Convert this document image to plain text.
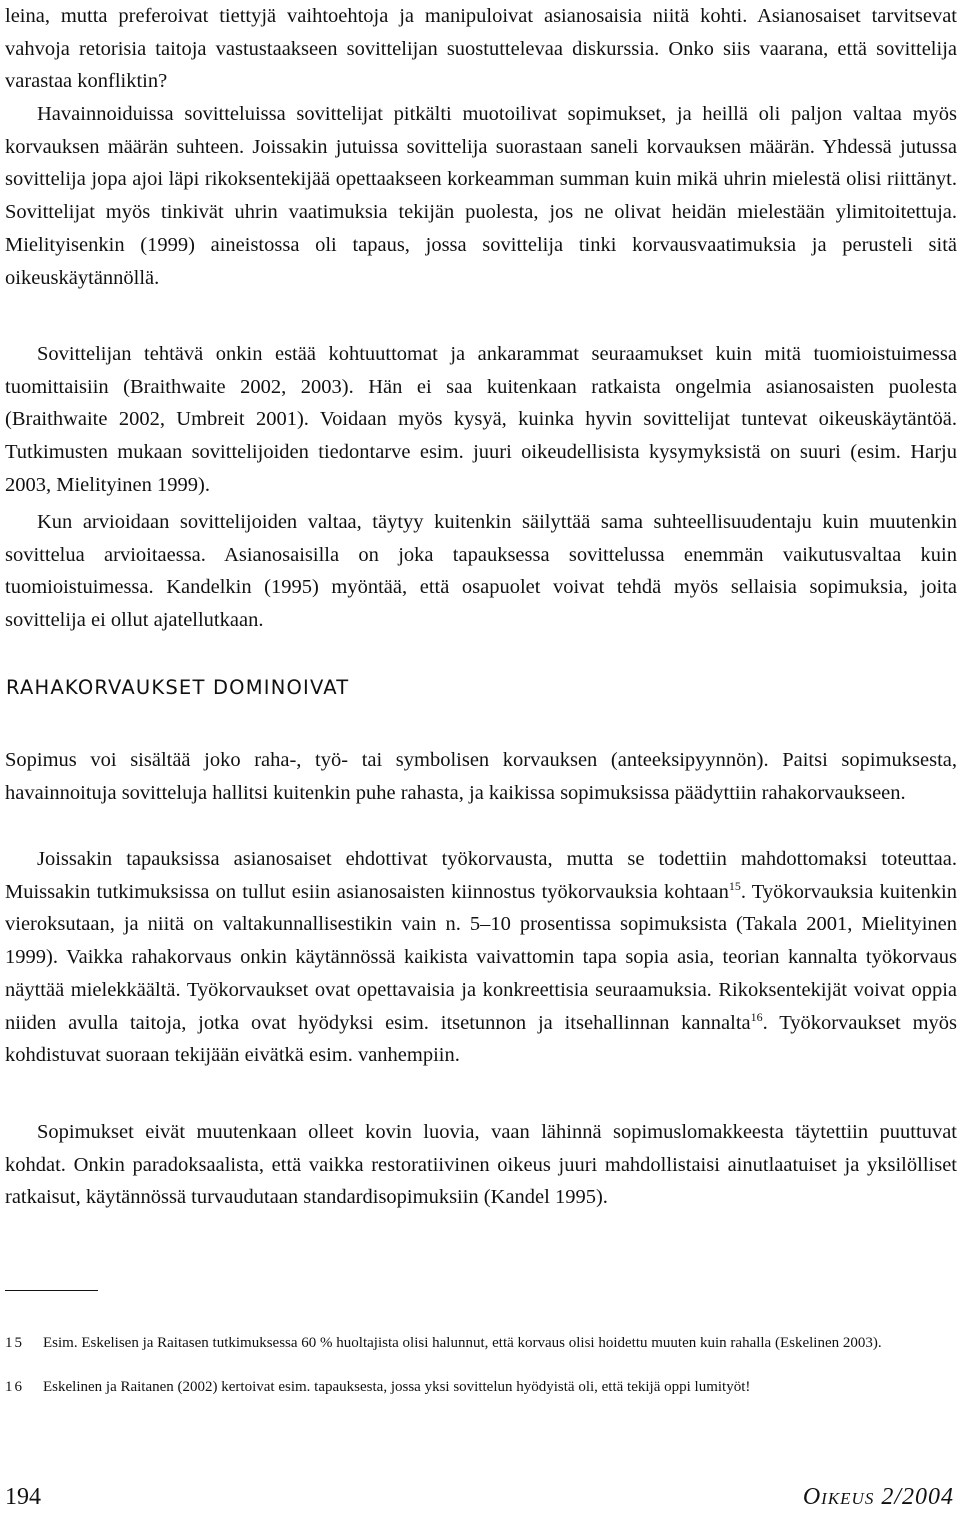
leina, mutta preferoivat tiettyjä vaihtoehtoja ja manipuloivat asianosaisia niitä kohti. Asianosaiset tarvitsevat vahvoja retorisia taitoja vastustaakseen sovittelijan suostuttelevaa diskurssia. Onko siis vaarana, että sovittelija varastaa konfliktin?

Havainnoiduissa sovitteluissa sovittelijat pitkälti muotoilivat sopimukset, ja heillä oli paljon valtaa myös korvauksen määrän suhteen. Joissakin jutuissa sovittelija suorastaan saneli korvauksen määrän. Yhdessä jutussa sovittelija jopa ajoi läpi rikoksentekijää opettaakseen korkeamman summan kuin mikä uhrin mielestä olisi riittänyt. Sovittelijat myös tinkivät uhrin vaatimuksia tekijän puolesta, jos ne olivat heidän mielestään ylimitoitettuja. Mielityisenkin (1999) aineistossa oli tapaus, jossa sovittelija tinki korvausvaatimuksia ja perusteli sitä oikeuskäytännöllä.

Sovittelijan tehtävä onkin estää kohtuuttomat ja ankarammat seuraamukset kuin mitä tuomioistuimessa tuomittaisiin (Braithwaite 2002, 2003). Hän ei saa kuitenkaan ratkaista ongelmia asianosaisten puolesta (Braithwaite 2002, Umbreit 2001). Voidaan myös kysyä, kuinka hyvin sovittelijat tuntevat oikeuskäytäntöä. Tutkimusten mukaan sovittelijoiden tiedontarve esim. juuri oikeudellisista kysymyksistä on suuri (esim. Harju 2003, Mielityinen 1999).

Kun arvioidaan sovittelijoiden valtaa, täytyy kuitenkin säilyttää sama suhteellisuudentaju kuin muutenkin sovittelua arvioitaessa. Asianosaisilla on joka tapauksessa sovittelussa enemmän vaikutusvaltaa kuin tuomioistuimessa. Kandelkin (1995) myöntää, että osapuolet voivat tehdä myös sellaisia sopimuksia, joita sovittelija ei ollut ajatellutkaan.

RAHAKORVAUKSET DOMINOIVAT

Sopimus voi sisältää joko raha-, työ- tai symbolisen korvauksen (anteeksipyynnön). Paitsi sopimuksesta, havainnoituja sovitteluja hallitsi kuitenkin puhe rahasta, ja kaikissa sopimuksissa päädyttiin rahakorvaukseen.

Joissakin tapauksissa asianosaiset ehdottivat työkorvausta, mutta se todettiin mahdottomaksi toteuttaa. Muissakin tutkimuksissa on tullut esiin asianosaisten kiinnostus työkorvauksia kohtaan$^{15}$. Työkorvauksia kuitenkin vieroksutaan, ja niitä on valtakunnallisestikin vain n. 5–10 prosentissa sopimuksista (Takala 2001, Mielityinen 1999). Vaikka rahakorvaus onkin käytännössä kaikista vaivattomin tapa sopia asia, teorian kannalta työkorvaus näyttää mielekkäältä. Työkorvaukset ovat opettavaisia ja konkreettisia seuraamuksia. Rikoksentekijät voivat oppia niiden avulla taitoja, jotka ovat hyödyksi esim. itsetunnon ja itsehallinnan kannalta$^{16}$. Työkorvaukset myös kohdistuvat suoraan tekijään eivätkä esim. vanhempiin.

Sopimukset eivät muutenkaan olleet kovin luovia, vaan lähinnä sopimuslomakkeesta täytettiin puuttuvat kohdat. Onkin paradoksaalista, että vaikka restoratiivinen oikeus juuri mahdollistaisi ainutlaatuiset ja yksilölliset ratkaisut, käytännössä turvaudutaan standardisopimuksiin (Kandel 1995).

15	Esim. Eskelisen ja Raitasen tutkimuksessa 60 % huoltajista olisi halunnut, että korvaus olisi hoidettu muuten kuin rahalla (Eskelinen 2003).
16	Eskelinen ja Raitanen (2002) kertoivat esim. tapauksesta, jossa yksi sovittelun hyödyistä oli, että tekijä oppi lumityöt!
194	Oikeus 2/2004
